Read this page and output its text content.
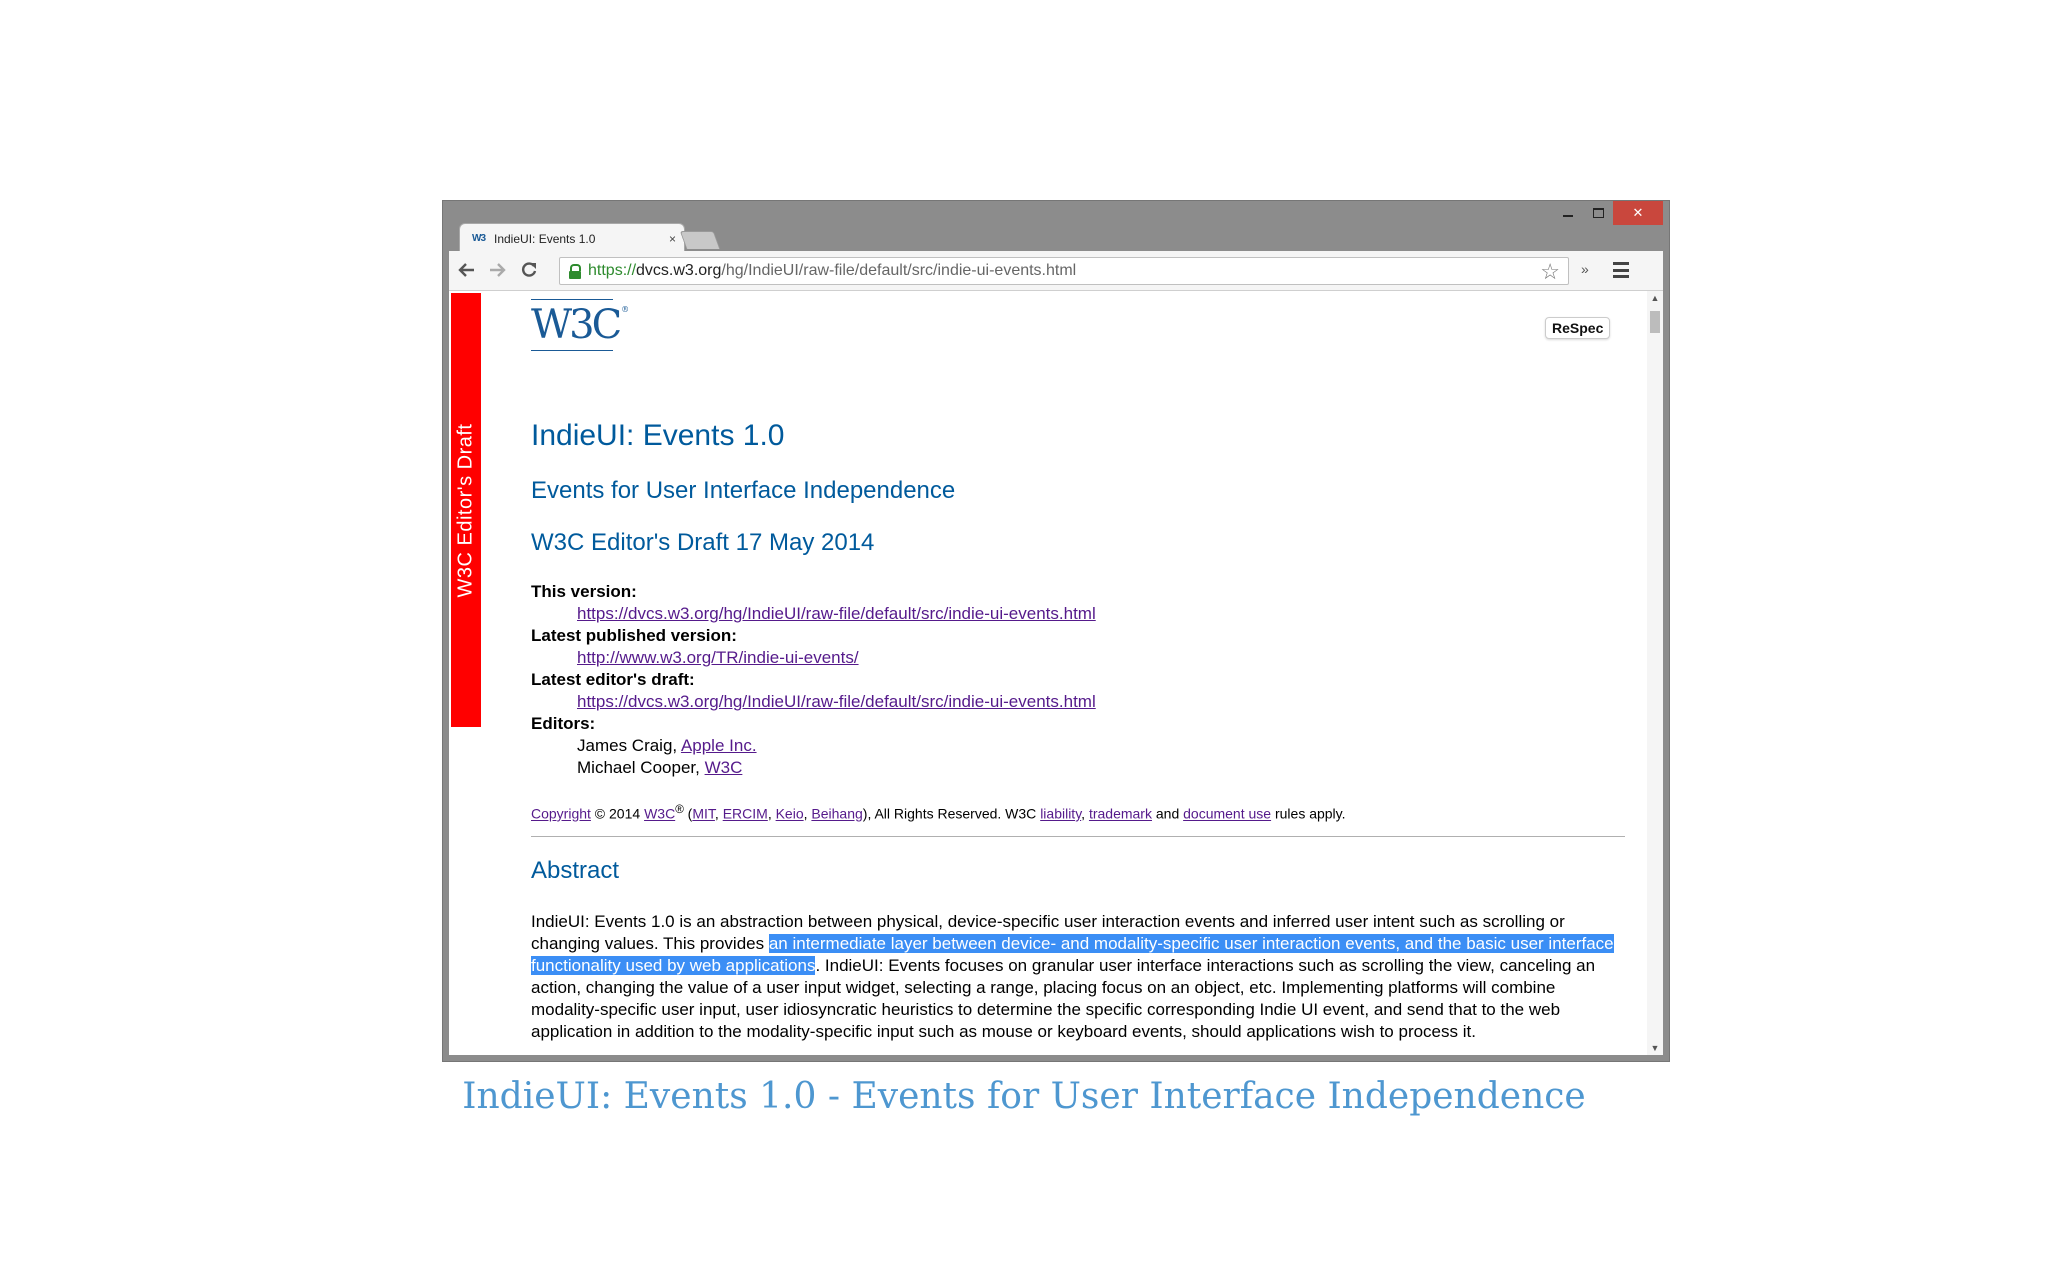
✕
W3 IndieUI: Events 1.0	×
https:// dvcs.w3.org /hg/IndieUI/raw-file/default/src/indie-ui-events.html	☆ »
W3C Editor's Draft
W3C ®
ReSpec
IndieUI: Events 1.0
Events for User Interface Independence
W3C Editor's Draft 17 May 2014
This version:
https://dvcs.w3.org/hg/IndieUI/raw-file/default/src/indie-ui-events.html
Latest published version:
http://www.w3.org/TR/indie-ui-events/
Latest editor's draft:
https://dvcs.w3.org/hg/IndieUI/raw-file/default/src/indie-ui-events.html
Editors:
James Craig, Apple Inc.
Michael Cooper, W3C
Copyright © 2014 W3C® (MIT, ERCIM, Keio, Beihang), All Rights Reserved. W3C liability, trademark and document use rules apply.
Abstract

IndieUI: Events 1.0 is an abstraction between physical, device-specific user interaction events and inferred user intent such as scrolling or changing values. This provides an intermediate layer between device- and modality-specific user interaction events, and the basic user interface functionality used by web applications. IndieUI: Events focuses on granular user interface interactions such as scrolling the view, canceling an action, changing the value of a user input widget, selecting a range, placing focus on an object, etc. Implementing platforms will combine modality-specific user input, user idiosyncratic heuristics to determine the specific corresponding Indie UI event, and send that to the web application in addition to the modality-specific input such as mouse or keyboard events, should applications wish to process it.

▲
▼
IndieUI: Events 1.0 - Events for User Interface Independence
